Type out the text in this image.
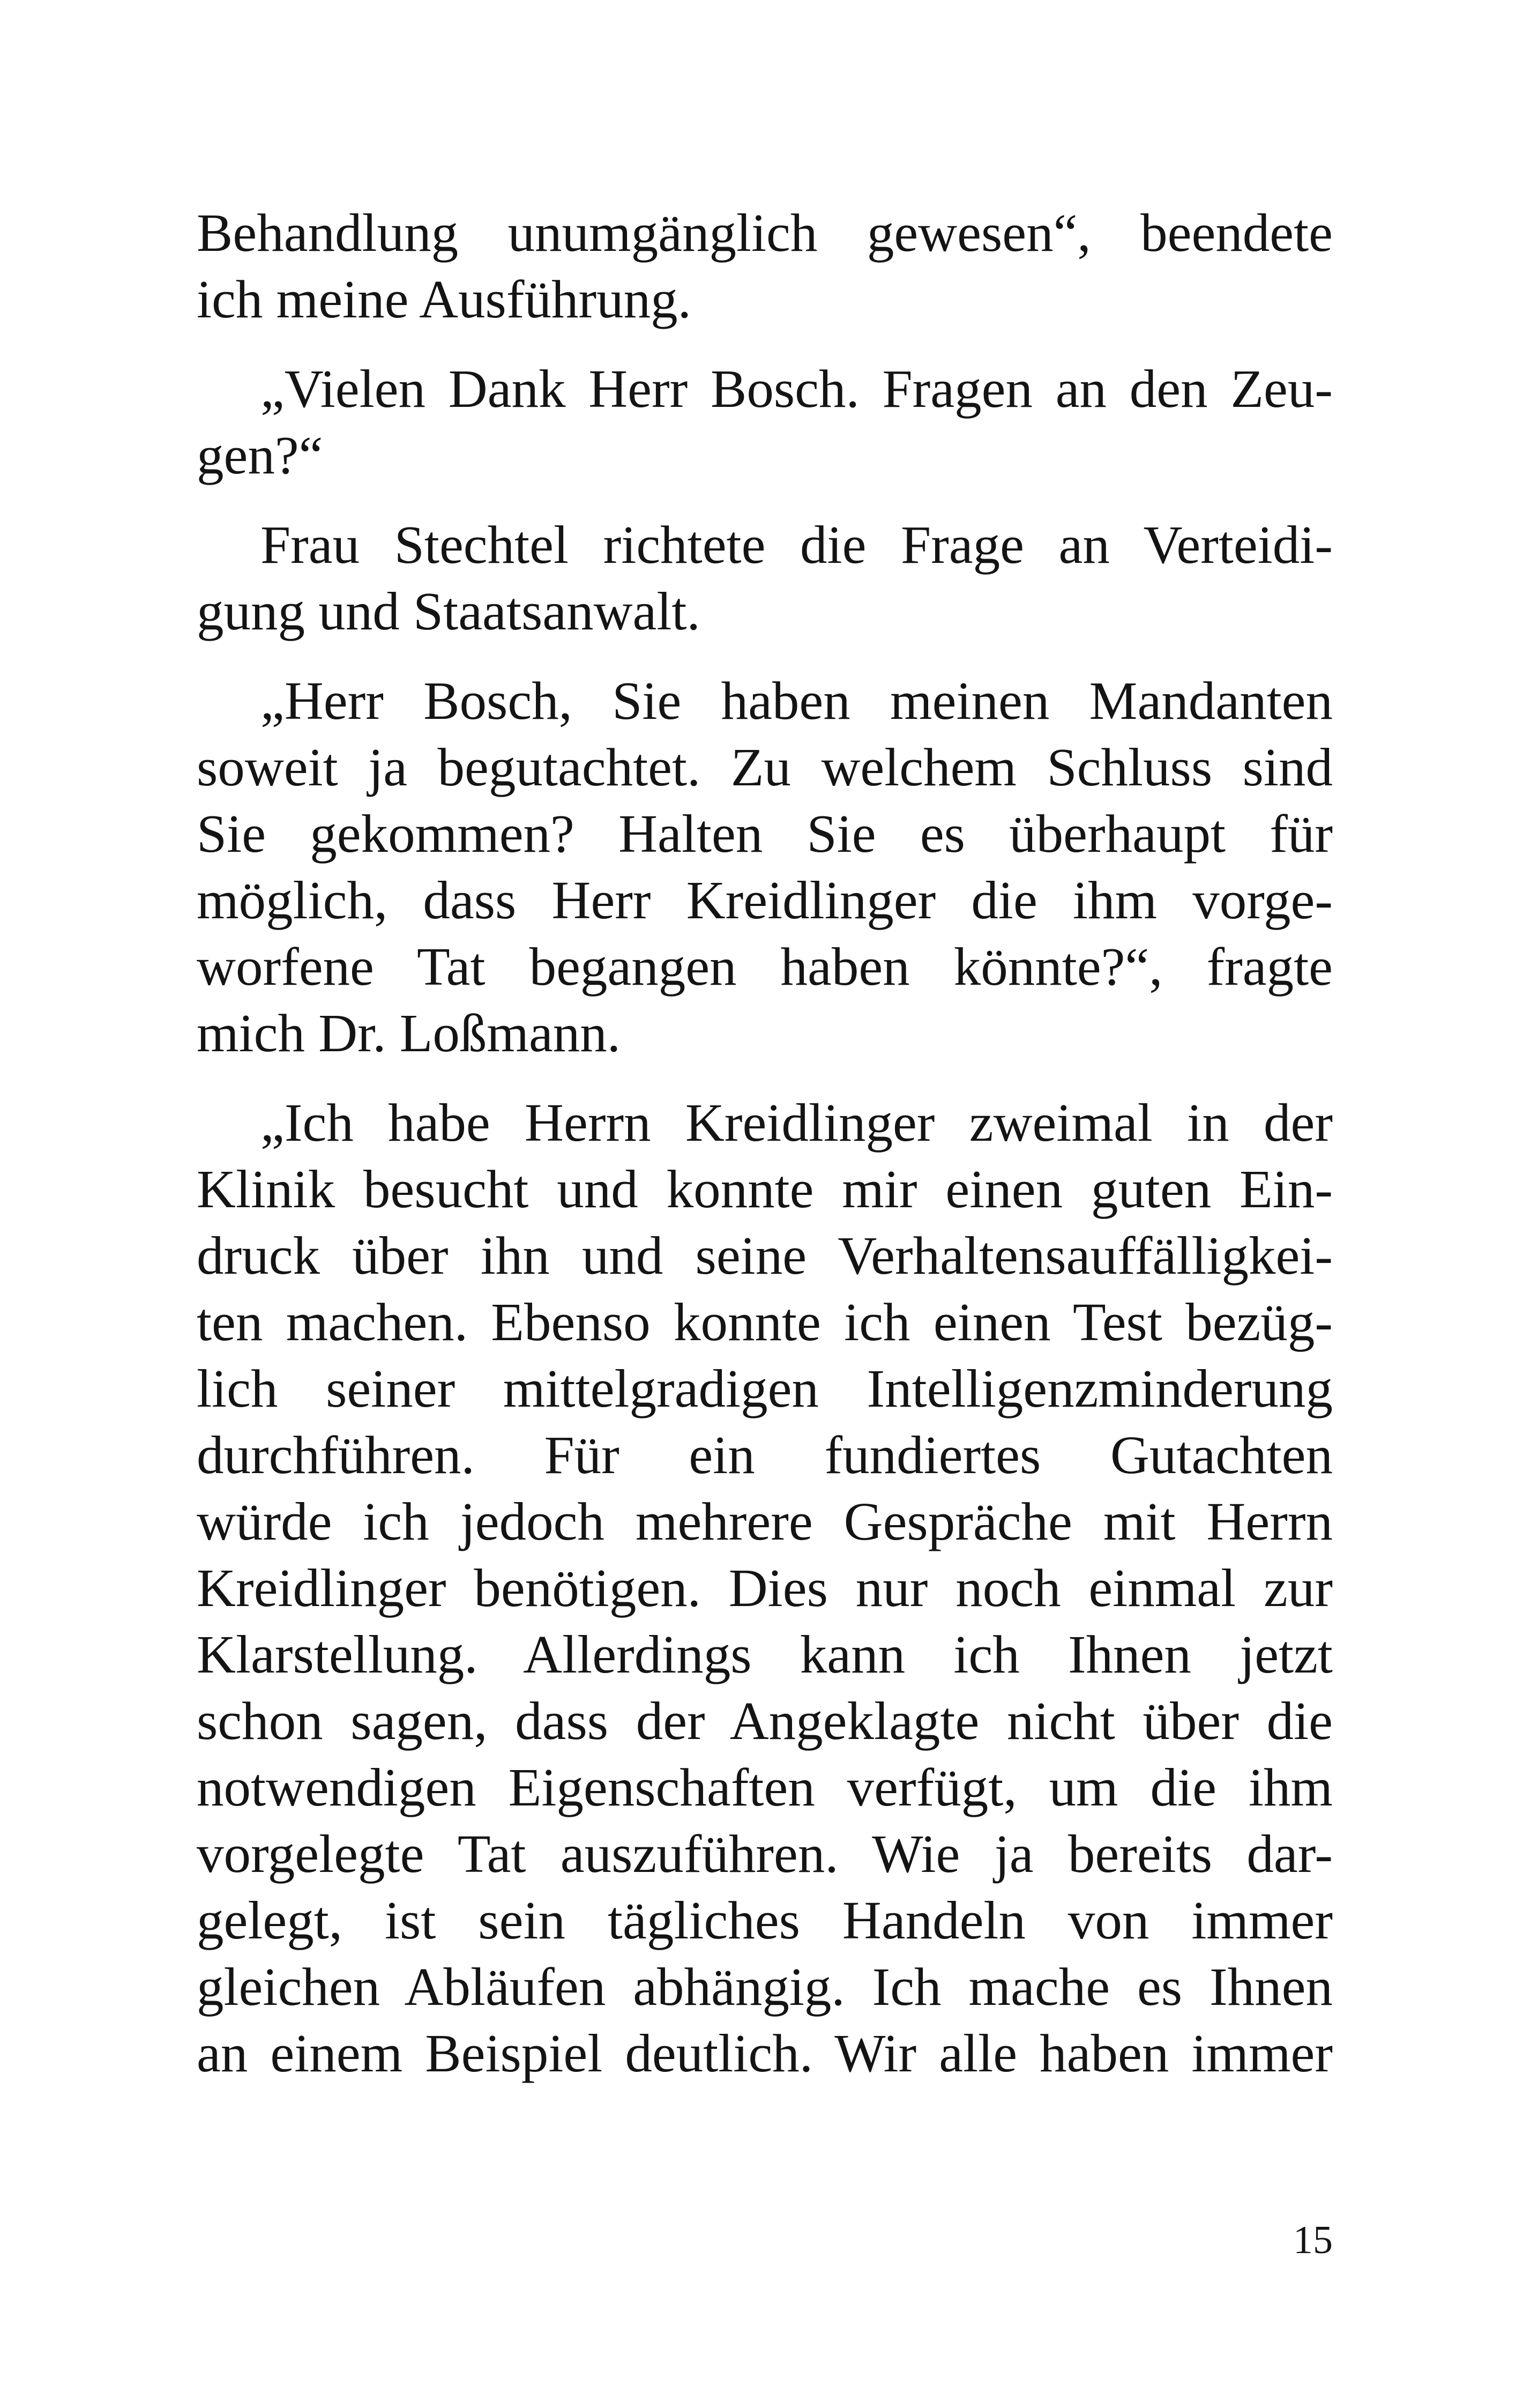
Behandlung unumgänglich gewesen“, beendete
ich meine Ausführung.
„Vielen Dank Herr Bosch. Fragen an den Zeu-
gen?“
Frau Stechtel richtete die Frage an Verteidi-
gung und Staatsanwalt.
„Herr Bosch, Sie haben meinen Mandanten
soweit ja begutachtet. Zu welchem Schluss sind
Sie gekommen? Halten Sie es überhaupt für
möglich, dass Herr Kreidlinger die ihm vorge-
worfene Tat begangen haben könnte?“, fragte
mich Dr. Loßmann.
„Ich habe Herrn Kreidlinger zweimal in der
Klinik besucht und konnte mir einen guten Ein-
druck über ihn und seine Verhaltensauffälligkei-
ten machen. Ebenso konnte ich einen Test bezüg-
lich seiner mittelgradigen Intelligenzminderung
durchführen. Für ein fundiertes Gutachten
würde ich jedoch mehrere Gespräche mit Herrn
Kreidlinger benötigen. Dies nur noch einmal zur
Klarstellung. Allerdings kann ich Ihnen jetzt
schon sagen, dass der Angeklagte nicht über die
notwendigen Eigenschaften verfügt, um die ihm
vorgelegte Tat auszuführen. Wie ja bereits dar-
gelegt, ist sein tägliches Handeln von immer
gleichen Abläufen abhängig. Ich mache es Ihnen
an einem Beispiel deutlich. Wir alle haben immer
15
